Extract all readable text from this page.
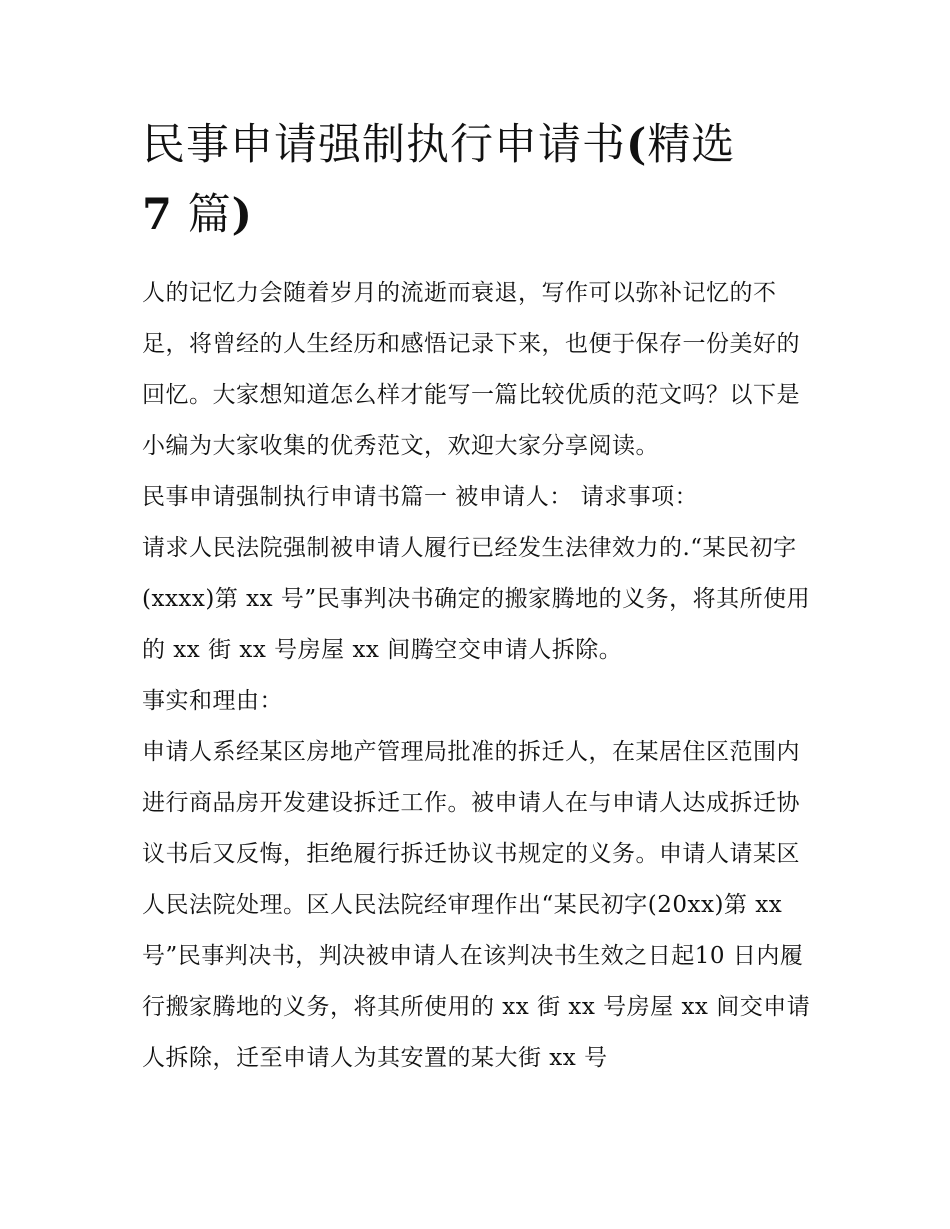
民事申请强制执行申请书(精选
7 篇)

人的记忆力会随着岁月的流逝而衰退，写作可以弥补记忆的不足，将曾经的人生经历和感悟记录下来，也便于保存一份美好的回忆。大家想知道怎么样才能写一篇比较优质的范文吗？以下是小编为大家收集的优秀范文，欢迎大家分享阅读。

民事申请强制执行申请书篇一 被申请人： 请求事项：

请求人民法院强制被申请人履行已经发生法律效力的.“某民初字(xxxx)第 xx 号”民事判决书确定的搬家腾地的义务，将其所使用的 xx 街 xx 号房屋 xx 间腾空交申请人拆除。

事实和理由：

申请人系经某区房地产管理局批准的拆迁人，在某居住区范围内进行商品房开发建设拆迁工作。被申请人在与申请人达成拆迁协议书后又反悔，拒绝履行拆迁协议书规定的义务。申请人请某区人民法院处理。区人民法院经审理作出“某民初字(20xx)第 xx 号”民事判决书，判决被申请人在该判决书生效之日起10 日内履行搬家腾地的义务，将其所使用的 xx 街 xx 号房屋 xx 间交申请人拆除，迁至申请人为其安置的某大街 xx 号
